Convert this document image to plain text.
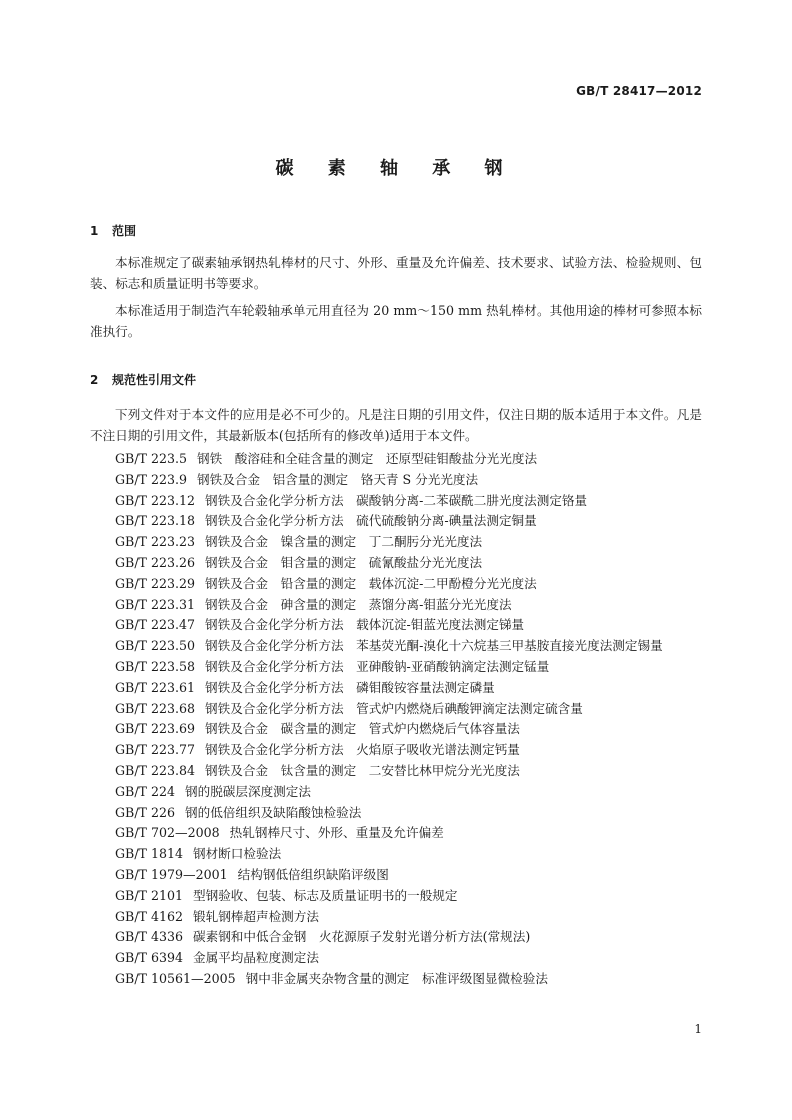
GB/T 28417—2012
碳 素 轴 承 钢
1 范围

本标准规定了碳素轴承钢热轧棒材的尺寸、外形、重量及允许偏差、技术要求、试验方法、检验规则、包装、标志和质量证明书等要求。

本标准适用于制造汽车轮毂轴承单元用直径为 20 mm～150 mm 热轧棒材。其他用途的棒材可参照本标准执行。

2 规范性引用文件

下列文件对于本文件的应用是必不可少的。凡是注日期的引用文件，仅注日期的版本适用于本文件。凡是不注日期的引用文件，其最新版本(包括所有的修改单)适用于本文件。

GB/T 223.5 钢铁　酸溶硅和全硅含量的测定　还原型硅钼酸盐分光光度法
GB/T 223.9 钢铁及合金　铝含量的测定　铬天青 S 分光光度法
GB/T 223.12 钢铁及合金化学分析方法　碳酸钠分离-二苯碳酰二肼光度法测定铬量
GB/T 223.18 钢铁及合金化学分析方法　硫代硫酸钠分离-碘量法测定铜量
GB/T 223.23 钢铁及合金　镍含量的测定　丁二酮肟分光光度法
GB/T 223.26 钢铁及合金　钼含量的测定　硫氰酸盐分光光度法
GB/T 223.29 钢铁及合金　铅含量的测定　载体沉淀-二甲酚橙分光光度法
GB/T 223.31 钢铁及合金　砷含量的测定　蒸馏分离-钼蓝分光光度法
GB/T 223.47 钢铁及合金化学分析方法　载体沉淀-钼蓝光度法测定锑量
GB/T 223.50 钢铁及合金化学分析方法　苯基荧光酮-溴化十六烷基三甲基胺直接光度法测定锡量
GB/T 223.58 钢铁及合金化学分析方法　亚砷酸钠-亚硝酸钠滴定法测定锰量
GB/T 223.61 钢铁及合金化学分析方法　磷钼酸铵容量法测定磷量
GB/T 223.68 钢铁及合金化学分析方法　管式炉内燃烧后碘酸钾滴定法测定硫含量
GB/T 223.69 钢铁及合金　碳含量的测定　管式炉内燃烧后气体容量法
GB/T 223.77 钢铁及合金化学分析方法　火焰原子吸收光谱法测定钙量
GB/T 223.84 钢铁及合金　钛含量的测定　二安替比林甲烷分光光度法
GB/T 224 钢的脱碳层深度测定法
GB/T 226 钢的低倍组织及缺陷酸蚀检验法
GB/T 702—2008 热轧钢棒尺寸、外形、重量及允许偏差
GB/T 1814 钢材断口检验法
GB/T 1979—2001 结构钢低倍组织缺陷评级图
GB/T 2101 型钢验收、包装、标志及质量证明书的一般规定
GB/T 4162 锻轧钢棒超声检测方法
GB/T 4336 碳素钢和中低合金钢　火花源原子发射光谱分析方法(常规法)
GB/T 6394 金属平均晶粒度测定法
GB/T 10561—2005 钢中非金属夹杂物含量的测定　标准评级图显微检验法
1
